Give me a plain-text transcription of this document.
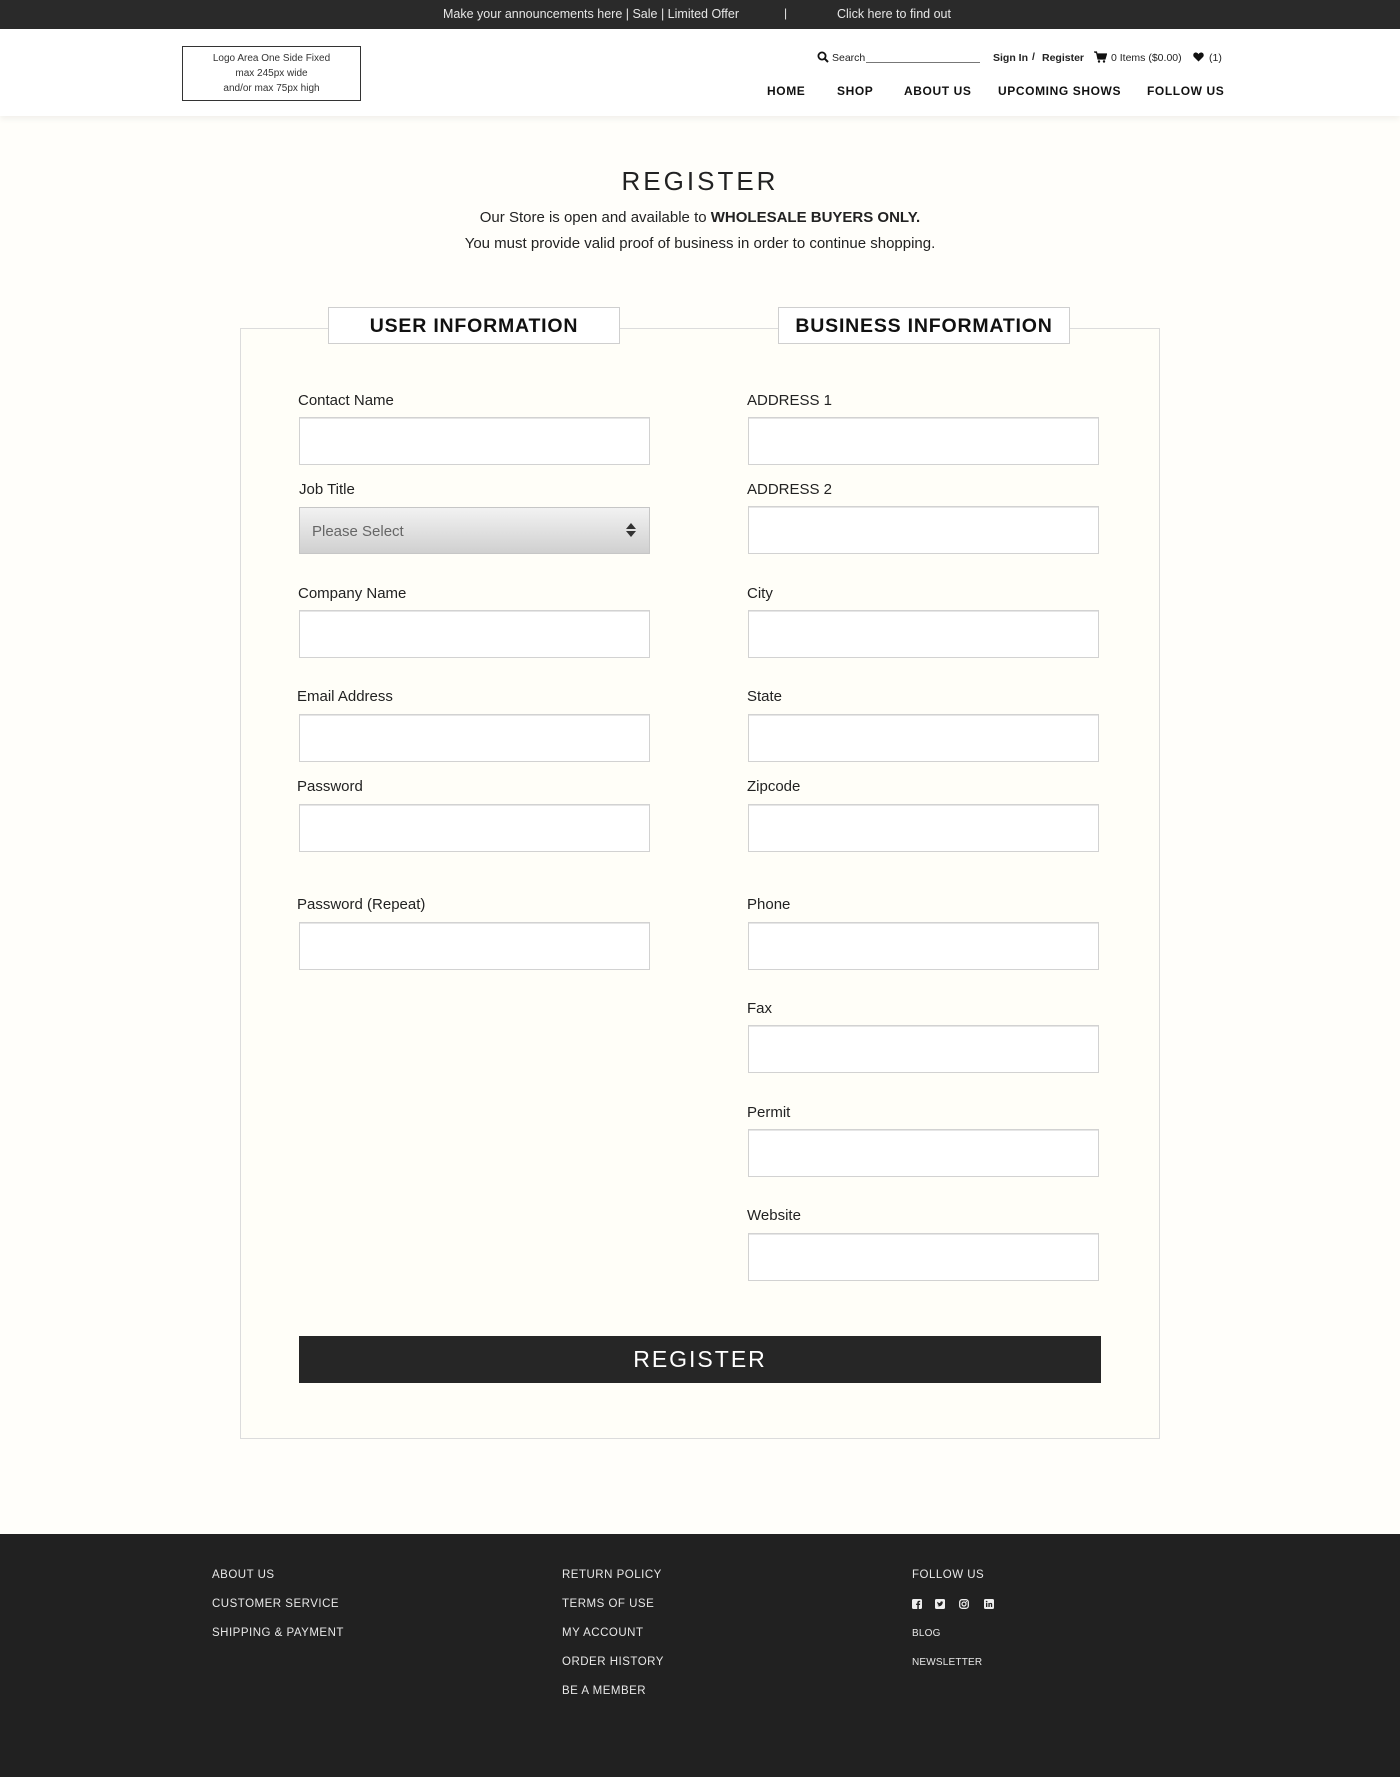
Make your announcements here | Sale | Limited Offer	|	Click here to find out
Logo Area One Side Fixed
max 245px wide
and/or max 75px high
Search	Sign In / Register	0 Items ($0.00)	(1)
HOME	SHOP	ABOUT US UPCOMING SHOWS FOLLOW US
REGISTER
Our Store is open and available to WHOLESALE BUYERS ONLY.
You must provide valid proof of business in order to continue shopping.
USER INFORMATION	BUSINESS INFORMATION
Contact Name
Job Title
Please Select
Company Name
Email Address
Password
Password (Repeat)
ADDRESS 1
ADDRESS 2
City
State
Zipcode
Phone
Fax
Permit
Website
REGISTER
ABOUT US
CUSTOMER SERVICE
SHIPPING & PAYMENT
RETURN POLICY
TERMS OF USE
MY ACCOUNT
ORDER HISTORY
BE A MEMBER
FOLLOW US
BLOG
NEWSLETTER
